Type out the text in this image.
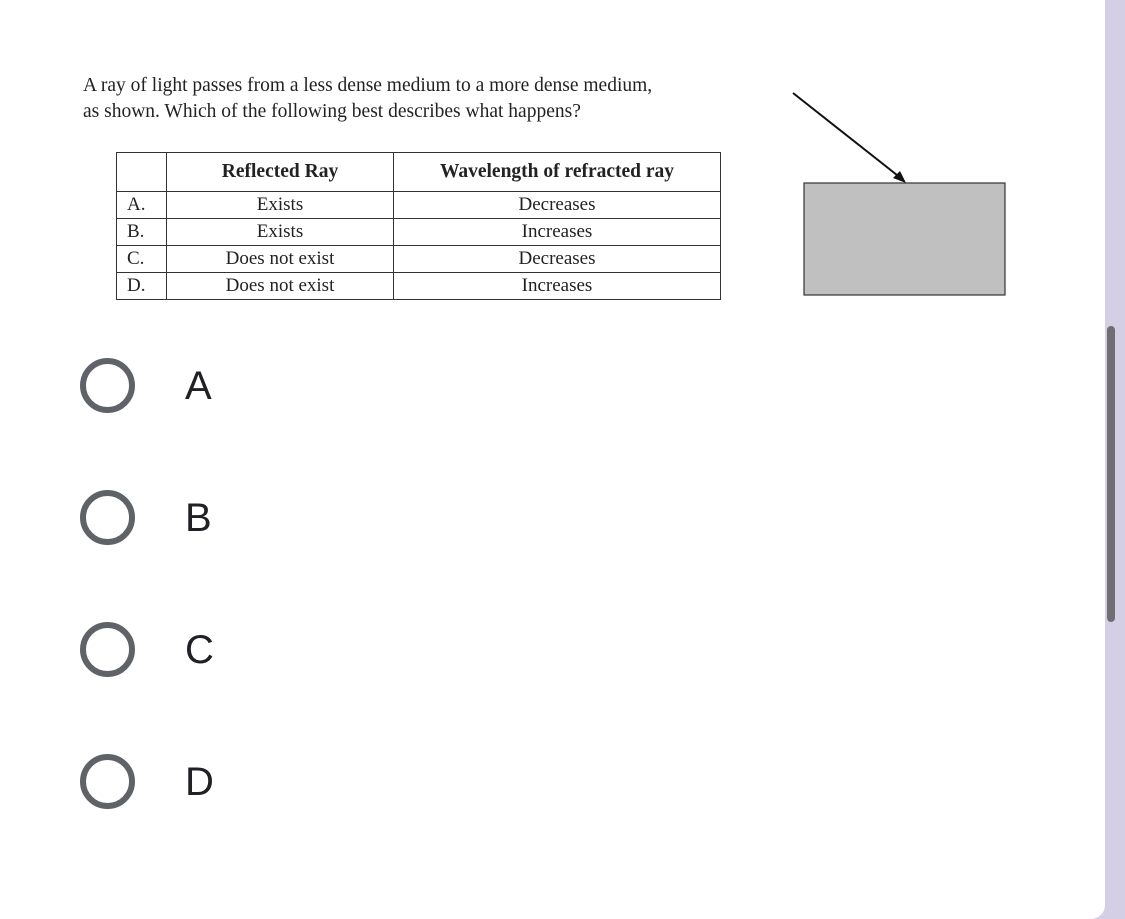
A ray of light passes from a less dense medium to a more dense medium,
as shown. Which of the following best describes what happens?
	Reflected Ray	Wavelength of refracted ray
A.	Exists	Decreases
B.	Exists	Increases
C.	Does not exist	Decreases
D.	Does not exist	Increases
A
B
C
D
